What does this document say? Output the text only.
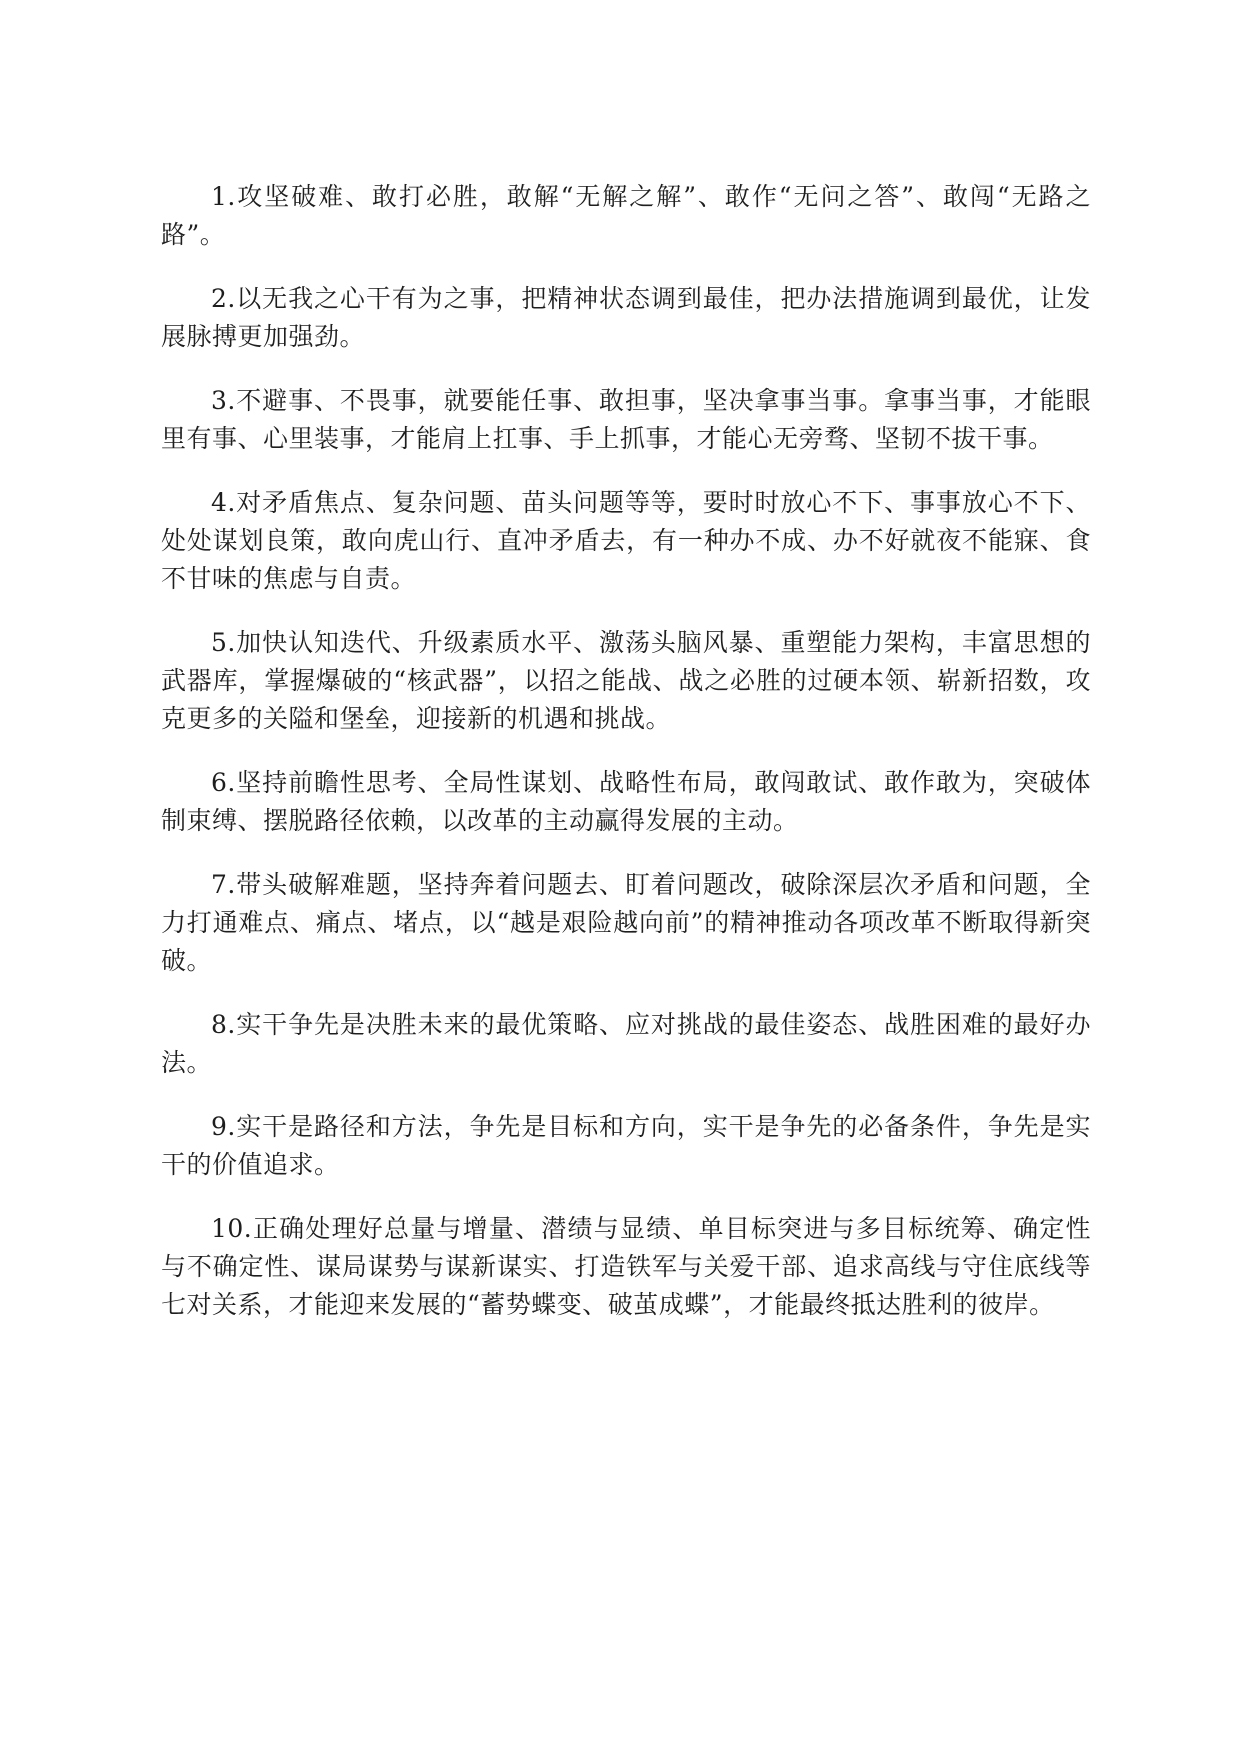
1.攻坚破难、敢打必胜，敢解“无解之解”、敢作“无问之答”、敢闯“无路之路”。

2.以无我之心干有为之事，把精神状态调到最佳，把办法措施调到最优，让发展脉搏更加强劲。

3.不避事、不畏事，就要能任事、敢担事，坚决拿事当事。拿事当事，才能眼里有事、心里装事，才能肩上扛事、手上抓事，才能心无旁骛、坚韧不拔干事。

4.对矛盾焦点、复杂问题、苗头问题等等，要时时放心不下、事事放心不下、处处谋划良策，敢向虎山行、直冲矛盾去，有一种办不成、办不好就夜不能寐、食不甘味的焦虑与自责。

5.加快认知迭代、升级素质水平、激荡头脑风暴、重塑能力架构，丰富思想的武器库，掌握爆破的“核武器”，以招之能战、战之必胜的过硬本领、崭新招数，攻克更多的关隘和堡垒，迎接新的机遇和挑战。

6.坚持前瞻性思考、全局性谋划、战略性布局，敢闯敢试、敢作敢为，突破体制束缚、摆脱路径依赖，以改革的主动赢得发展的主动。

7.带头破解难题，坚持奔着问题去、盯着问题改，破除深层次矛盾和问题，全力打通难点、痛点、堵点，以“越是艰险越向前”的精神推动各项改革不断取得新突破。

8.实干争先是决胜未来的最优策略、应对挑战的最佳姿态、战胜困难的最好办法。

9.实干是路径和方法，争先是目标和方向，实干是争先的必备条件，争先是实干的价值追求。

10.正确处理好总量与增量、潜绩与显绩、单目标突进与多目标统筹、确定性与不确定性、谋局谋势与谋新谋实、打造铁军与关爱干部、追求高线与守住底线等七对关系，才能迎来发展的“蓄势蝶变、破茧成蝶”，才能最终抵达胜利的彼岸。
